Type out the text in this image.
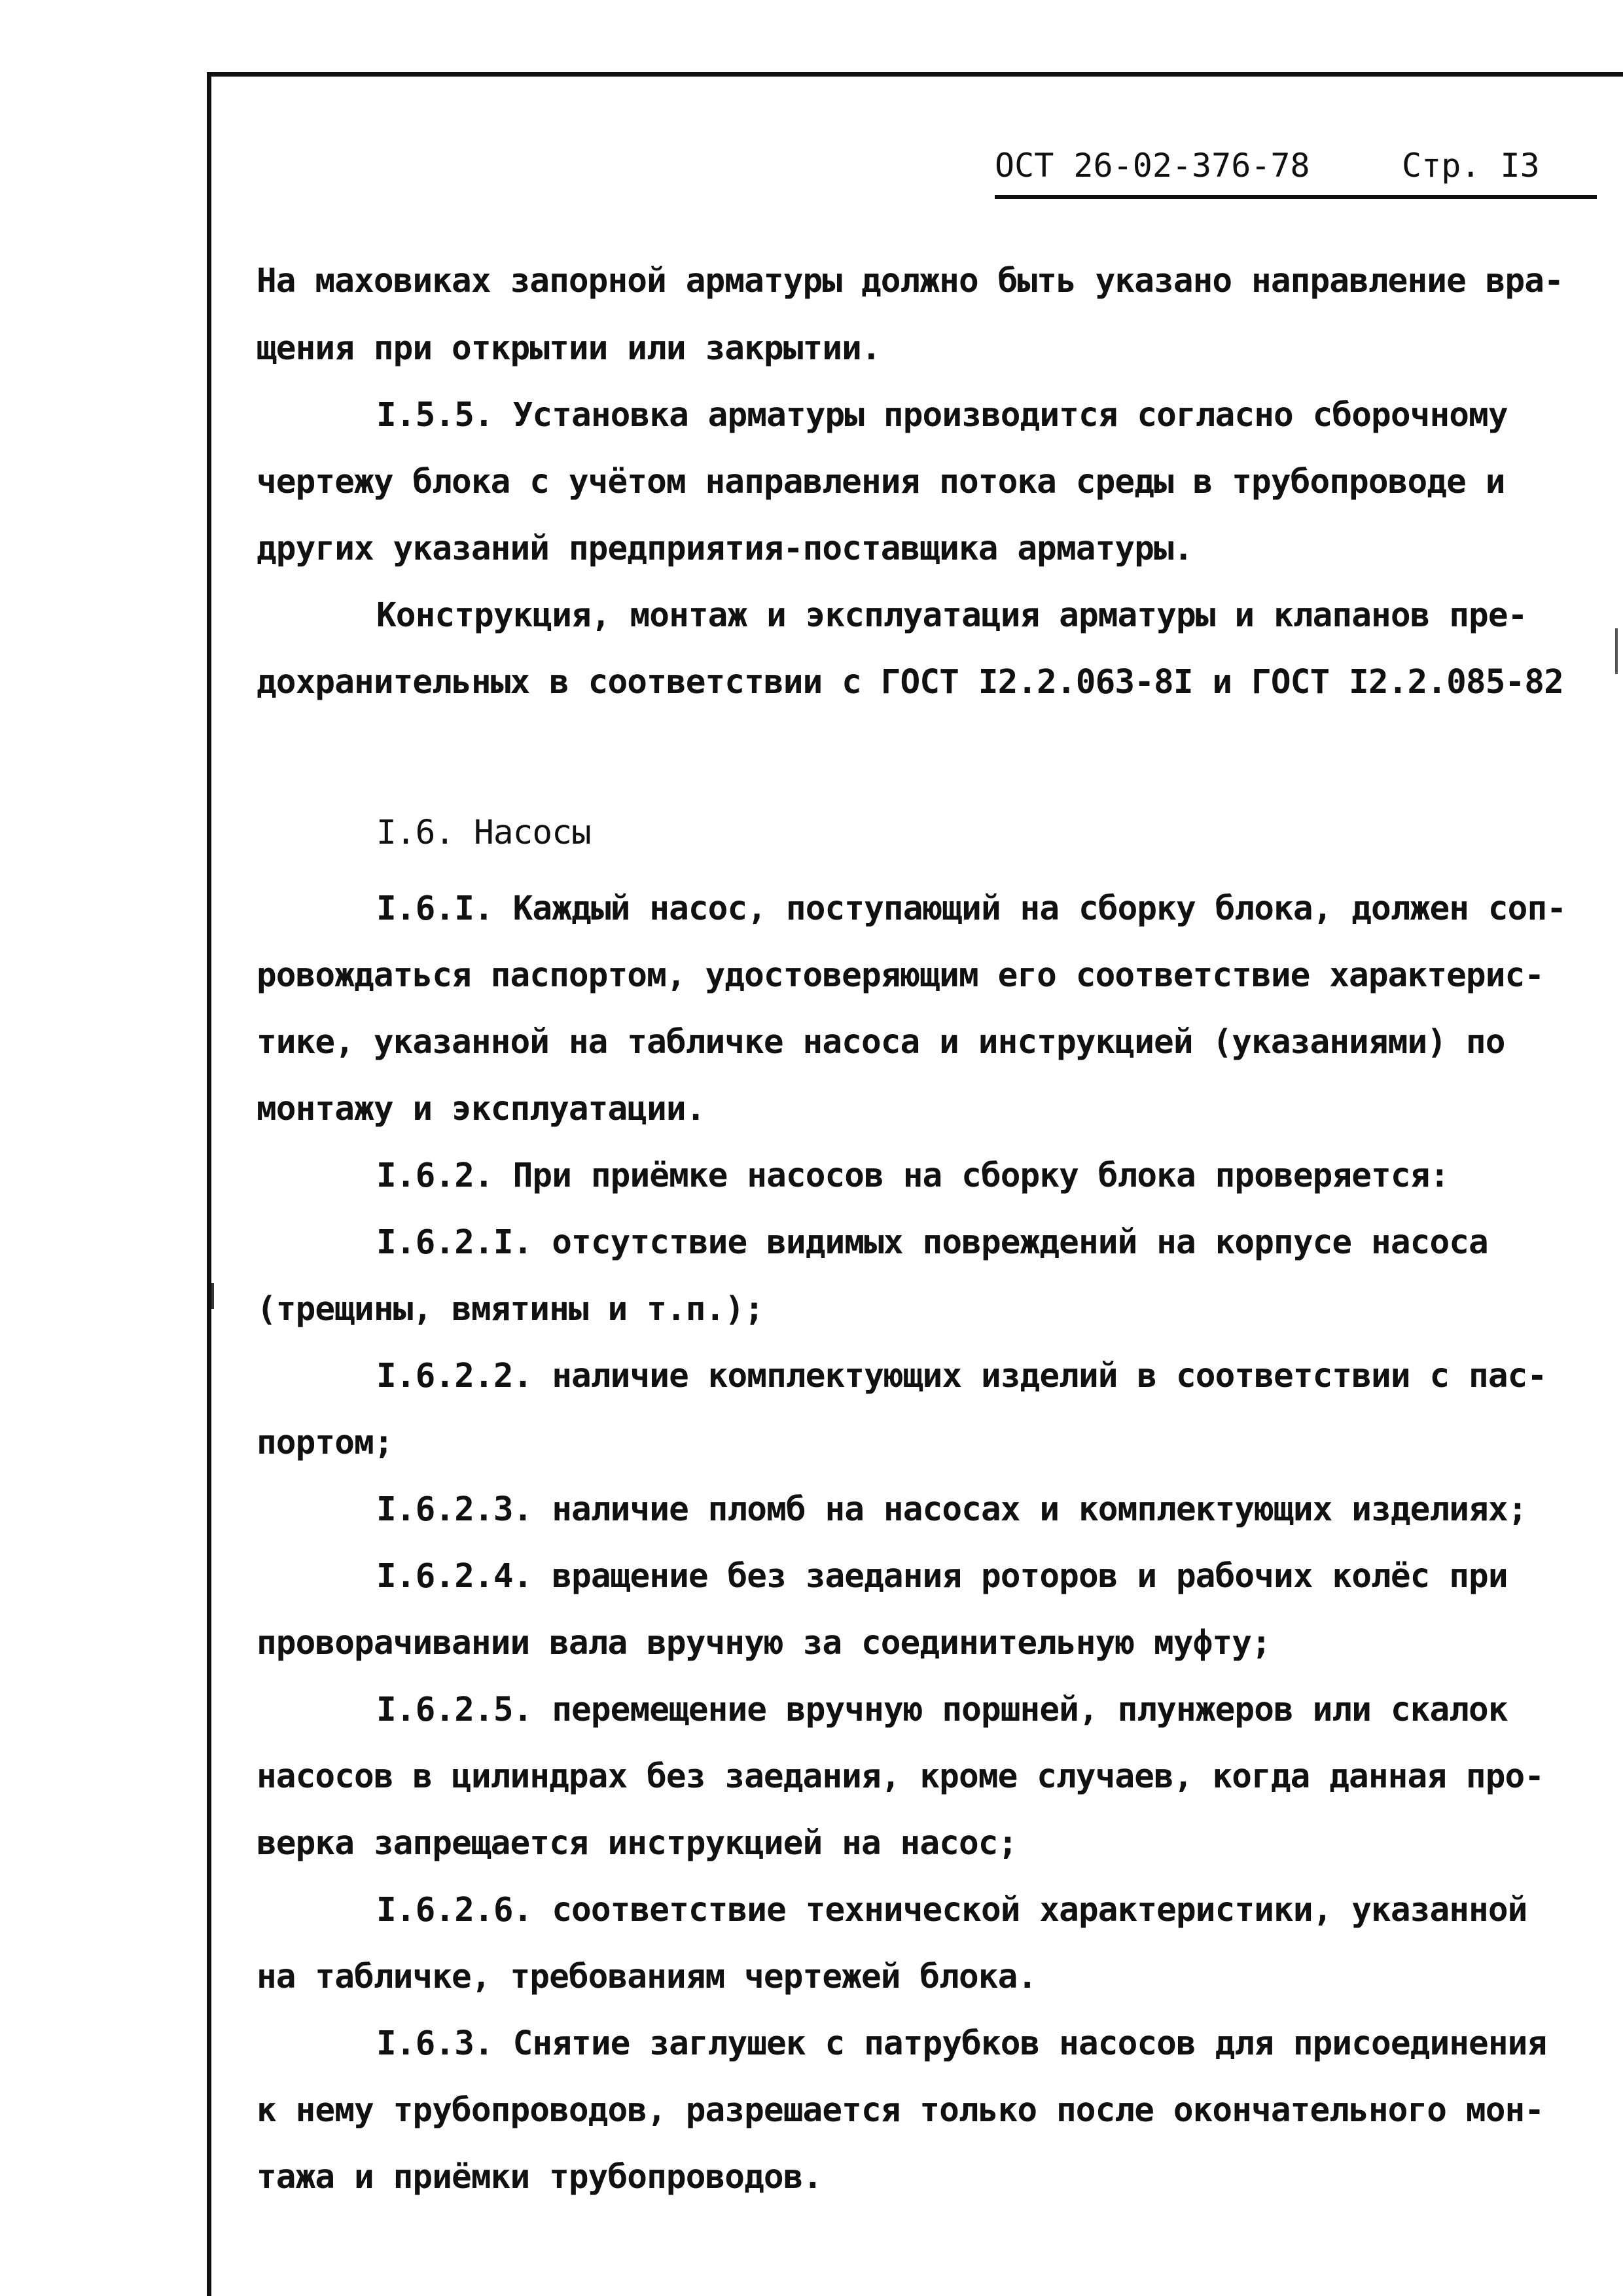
ОСТ 26-02-376-78	Стр. I3
На маховиках запорной арматуры должно быть указано направление вра-
щения при открытии или закрытии.
I.5.5. Установка арматуры производится согласно сборочному
чертежу блока с учётом направления потока среды в трубопроводе и
других указаний предприятия-поставщика арматуры.
Конструкция, монтаж и эксплуатация арматуры и клапанов пре-
дохранительных в соответствии с ГОСТ I2.2.063-8I и ГОСТ I2.2.085-82
I.6. Насосы
I.6.I. Каждый насос, поступающий на сборку блока, должен соп-
ровождаться паспортом, удостоверяющим его соответствие характерис-
тике, указанной на табличке насоса и инструкцией (указаниями) по
монтажу и эксплуатации.
I.6.2. При приёмке насосов на сборку блока проверяется:
I.6.2.I. отсутствие видимых повреждений на корпусе насоса
(трещины, вмятины и т.п.);
I.6.2.2. наличие комплектующих изделий в соответствии с пас-
портом;
I.6.2.3. наличие пломб на насосах и комплектующих изделиях;
I.6.2.4. вращение без заедания роторов и рабочих колёс при
проворачивании вала вручную за соединительную муфту;
I.6.2.5. перемещение вручную поршней, плунжеров или скалок
насосов в цилиндрах без заедания, кроме случаев, когда данная про-
верка запрещается инструкцией на насос;
I.6.2.6. соответствие технической характеристики, указанной
на табличке, требованиям чертежей блока.
I.6.3. Снятие заглушек с патрубков насосов для присоединения
к нему трубопроводов, разрешается только после окончательного мон-
тажа и приёмки трубопроводов.
